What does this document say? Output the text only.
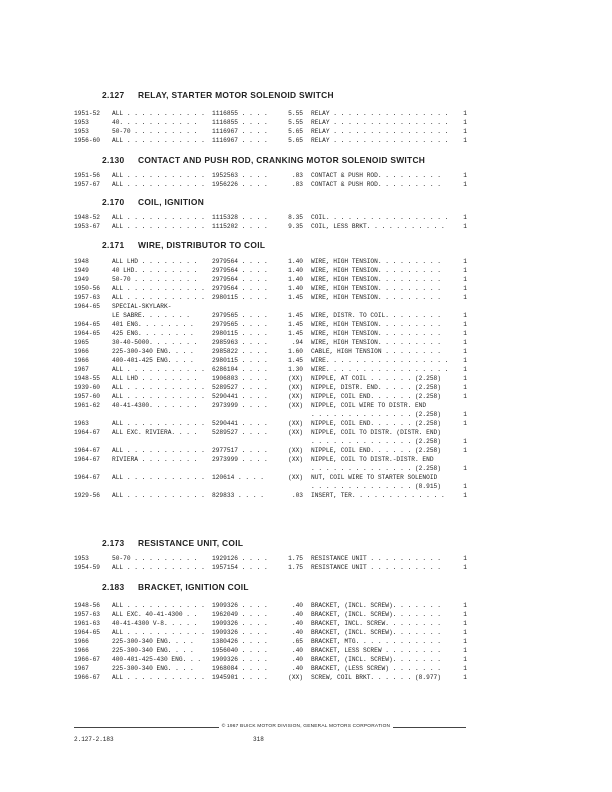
2.127 RELAY, STARTER MOTOR SOLENOID SWITCH
1951-52 ALL . . . . . . . . . . . 1116855 . . . .	5.55 RELAY . . . . . . . . . . . . . . . .	1
1953	40. . . . . . . . . . . 1116855 . . . .	5.55 RELAY . . . . . . . . . . . . . . . .	1
1953	50-70 . . . . . . . . . 1116967 . . . .	5.65 RELAY . . . . . . . . . . . . . . . .	1
1956-60 ALL . . . . . . . . . . . 1116967 . . . .	5.65 RELAY . . . . . . . . . . . . . . . .	1
2.130 CONTACT AND PUSH ROD, CRANKING MOTOR SOLENOID SWITCH
1951-56 ALL . . . . . . . . . . . 1952563 . . . .	.83 CONTACT & PUSH ROD. . . . . . . . .	1
1957-67 ALL . . . . . . . . . . . 1956226 . . . .	.83 CONTACT & PUSH ROD. . . . . . . . .	1
2.170 COIL, IGNITION
1948-52 ALL . . . . . . . . . . . 1115328 . . . .	8.35 COIL. . . . . . . . . . . . . . . . .	1
1953-67 ALL . . . . . . . . . . . 1115202 . . . .	9.35 COIL, LESS BRKT. . . . . . . . . . .	1
2.171 WIRE, DISTRIBUTOR TO COIL
1948	ALL LHD . . . . . . . . 2979564 . . . .	1.40 WIRE, HIGH TENSION. . . . . . . . .	1
1949	40 LHD. . . . . . . . . 2979564 . . . .	1.40 WIRE, HIGH TENSION. . . . . . . . .	1
1949	50-70 . . . . . . . . . 2979564 . . . .	1.40 WIRE, HIGH TENSION. . . . . . . . .	1
1950-56 ALL . . . . . . . . . . . 2979564 . . . .	1.40 WIRE, HIGH TENSION. . . . . . . . .	1
1957-63 ALL . . . . . . . . . . . 2980115 . . . .	1.45 WIRE, HIGH TENSION. . . . . . . . .	1
1964-65 SPECIAL-SKYLARK-
LE SABRE. . . . . . .	2979565 . . . .	1.45 WIRE, DISTR. TO COIL. . . . . . . .	1
1964-65 401 ENG. . . . . . . .	2979565 . . . .	1.45 WIRE, HIGH TENSION. . . . . . . . .	1
1964-65 425 ENG. . . . . . . .	2980115 . . . .	1.45 WIRE, HIGH TENSION. . . . . . . . .	1
1965	30-40-5000. . . . . . . 2985963 . . . .	.94 WIRE, HIGH TENSION. . . . . . . . .	1
1966	225-300-340 ENG. . . .	2985822 . . . .	1.60 CABLE, HIGH TENSION . . . . . . . .	1
1966	400-401-425 ENG. . . .	2980115 . . . .	1.45 WIRE. . . . . . . . . . . . . . . . .	1
1967	ALL . . . . . . . . . . . 6286104 . . . .	1.30 WIRE. . . . . . . . . . . . . . . . .	1
1948-55 ALL LHD . . . . . . . . 1906803 . . . .	(XX) NIPPLE, AT COIL . . . . . . (2.258)	1
1939-60 ALL . . . . . . . . . . . 5289527 . . . .	(XX) NIPPLE, DISTR. END. . . . . (2.258)	1
1957-60 ALL . . . . . . . . . . . 5290441 . . . .	(XX) NIPPLE, COIL END. . . . . . (2.258)	1
1961-62 40-41-4300. . . . . . . 2973999 . . . .	(XX) NIPPLE, COIL WIRE TO DISTR. END
. . . . . . . . . . . . . . (2.258)	1
1963	ALL . . . . . . . . . . . 5290441 . . . .	(XX) NIPPLE, COIL END. . . . . . (2.258)	1
1964-67 ALL EXC. RIVIERA. . . . 5289527 . . . .	(XX) NIPPLE, COIL TO DISTR. (DISTR. END)
. . . . . . . . . . . . . . (2.258)	1
1964-67 ALL . . . . . . . . . . . 2977517 . . . .	(XX) NIPPLE, COIL END. . . . . . (2.258)	1
1964-67 RIVIERA . . . . . . . . 2973999 . . . .	(XX) NIPPLE, COIL TO DISTR.-DISTR. END
. . . . . . . . . . . . . . (2.258)	1
1964-67 ALL . . . . . . . . . . . 120614 . . . .	(XX) NUT, COIL WIRE TO STARTER SOLENOID
. . . . . . . . . . . . . . (8.915)	1
1929-56 ALL . . . . . . . . . . . 829833 . . . .	.03 INSERT, TER. . . . . . . . . . . . .	1
2.173 RESISTANCE UNIT, COIL
1953	50-70 . . . . . . . . . 1929126 . . . .	1.75 RESISTANCE UNIT . . . . . . . . . .	1
1954-59 ALL . . . . . . . . . . . 1957154 . . . .	1.75 RESISTANCE UNIT . . . . . . . . . .	1
2.183 BRACKET, IGNITION COIL
1948-56 ALL . . . . . . . . . . . 1909326 . . . .	.40 BRACKET, (INCL. SCREW). . . . . . .	1
1957-63 ALL EXC. 40-41-4300 . . 1962049 . . . .	.40 BRACKET, (INCL. SCREW). . . . . . .	1
1961-63 40-41-4300 V-8. . . . . 1909326 . . . .	.40 BRACKET, INCL. SCREW. . . . . . . .	1
1964-65 ALL . . . . . . . . . . . 1909326 . . . .	.40 BRACKET, (INCL. SCREW). . . . . . .	1
1966	225-300-340 ENG. . . .	1380426 . . . .	.65 BRACKET, MTG. . . . . . . . . . . .	1
1966	225-300-340 ENG. . . .	1956040 . . . .	.40 BRACKET, LESS SCREW . . . . . . . .	1
1966-67 400-401-425-430 ENG. . . 1909326 . . . .	.40 BRACKET, (INCL. SCREW). . . . . . .	1
1967	225-300-340 ENG. . . .	1968084 . . . .	.40 BRACKET, (LESS SCREW) . . . . . . .	1
1966-67 ALL . . . . . . . . . . . 1945901 . . . .	(XX) SCREW, COIL BRKT. . . . . . (8.977)	1
© 1967 BUICK MOTOR DIVISION, GENERAL MOTORS CORPORATION
2.127-2.183	318
